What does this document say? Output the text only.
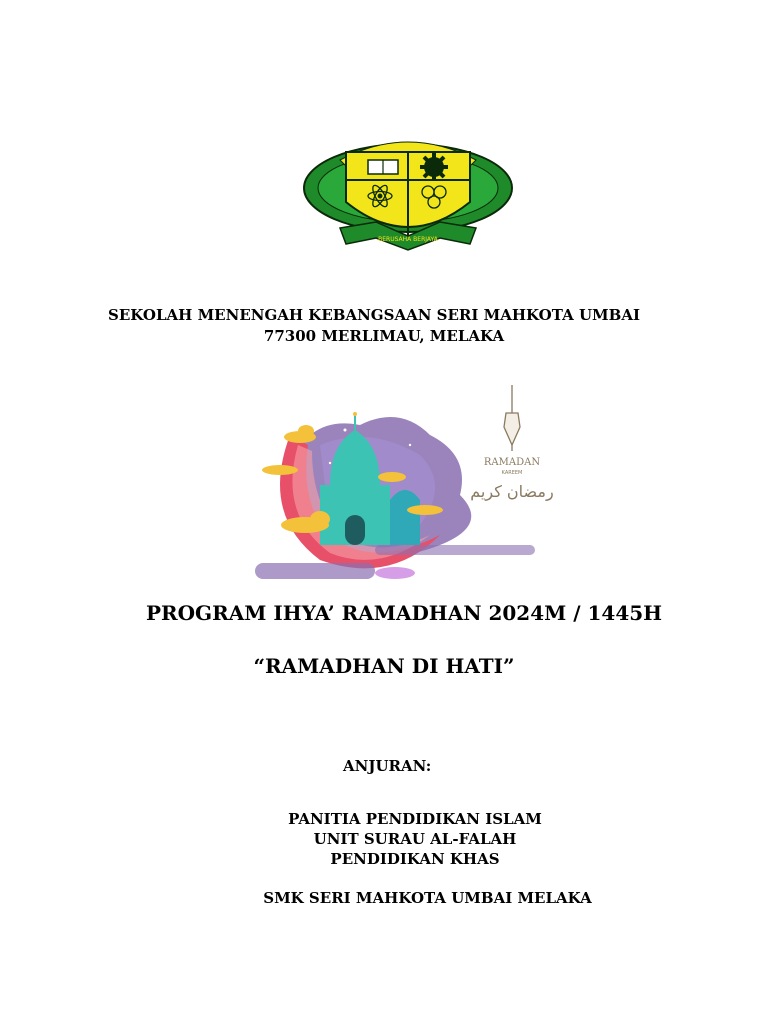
BERUSAHA BERJAYA
SEKOLAH MENENGAH KEBANGSAAN SERI MAHKOTA UMBAI
77300 MERLIMAU, MELAKA
RAMADAN
KAREEM
رمضان كريم
PROGRAM IHYA’ RAMADHAN 2024M / 1445H
“RAMADHAN DI HATI”
ANJURAN:
PANITIA PENDIDIKAN ISLAM
UNIT SURAU AL-FALAH
PENDIDIKAN KHAS
SMK SERI MAHKOTA UMBAI MELAKA
